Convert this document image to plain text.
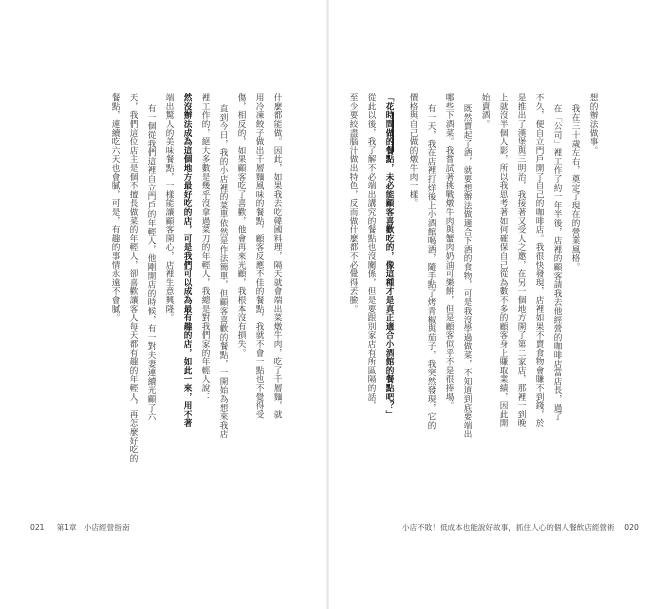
什麼都能做。因此，如果我去吃韓國料理，隔天就會端出菜燉牛肉，吃了千層麵，就
用冷凍餃子做出千層麵風味的餐點，顧客反應不佳的餐點，我就不會一點也不覺得受
傷，相反的，如果顧客吃了喜歡，他會再來光顧，我根本沒有損失。
直到今日，我的小店裡的菜單依然是作法簡單，但顧客喜歡的餐點，一開始為想來我店
裡工作的，絕大多數是幾乎沒拿過菜刀的年輕人，我總是對我們家的年輕人說：
然沒辦法成為這個地方最好吃的店，可是我們可以成為最有趣的店，如此一來，用不著
端出驚人的美味餐點，一樣能讓顧客開心，店裡生意興隆。
有一個從我們這裡自立門戶的年輕人，他剛開店的時候，有一對夫妻連續光顧了六
天，我們這位店主是個不擅長做菜的年輕人，卻喜歡讓客人每天都有趣的年輕人，再怎麼好吃的
餐點，連續吃六天也會膩，可是，有趣的事情永遠不會膩。
021 第1章 小店經營指南
想的辦法做事。
我在三十歲左右，奠定了現在的營業風格。
在「公司」裡工作了約一年半後，店裡的顧客請我去他經營的咖啡店當店長，過了
不久，便自立門戶開了自己的咖啡店。我很快發現，店裡如果不賣食物會賺不到錢，於
是推出了漢堡與三明治，我接著又受人之邀，在另一個地方開了第二家店，那裡一到晚
上就沒半個人影，所以我思考著如何確保自己從為數不多的顧客身上賺取業績，因此開
始賣酒。
既然賣起了酒，就要想辦法做適合下酒的食物，可是我沒學過做菜，不知道到底要端出
哪些下酒菜。我嘗試著挑戰燉牛肉與蟹肉奶油可樂餅，但是顧客似乎不是很捧場。
有一天，我在店裡打烊後上小酒館喝酒，隨手點了烤青椒與茄子，我突然發現，它的
價格與自己做的燉牛肉一樣。
「花時間做的餐點，未必能顧客喜歡吃的，像這種才是真正適合小酒館的餐點吧？」
從此以後，我了解不必端出講究的餐點也沒關係，但是要跟別家店有所區隔的話，
至少要絞盡腦汁做出特色，反而做什麼都不必覺得丟臉。
小店不敗！低成本也能說好故事，抓住人心的個人餐飲店經營術 020
